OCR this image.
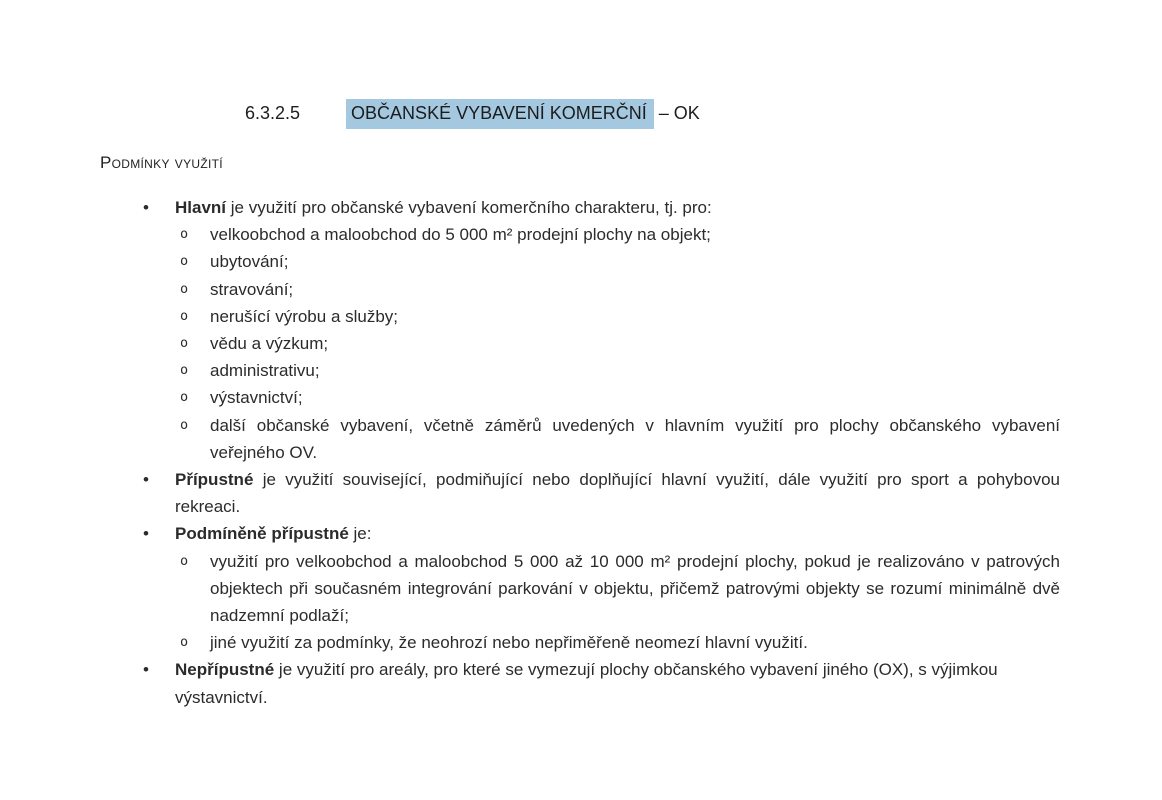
6.3.2.5	OBČANSKÉ VYBAVENÍ KOMERČNÍ – OK
Podmínky využití
•	Hlavní je využití pro občanské vybavení komerčního charakteru, tj. pro:
o	velkoobchod a maloobchod do 5 000 m² prodejní plochy na objekt;
o	ubytování;
o	stravování;
o	nerušící výrobu a služby;
o	vědu a výzkum;
o	administrativu;
o	výstavnictví;
o	další občanské vybavení, včetně záměrů uvedených v hlavním využití pro plochy občanského vybavení veřejného OV.
•	Přípustné je využití související, podmiňující nebo doplňující hlavní využití, dále využití pro sport a pohybovou rekreaci.
•	Podmíněně přípustné je:
o	využití pro velkoobchod a maloobchod 5 000 až 10 000 m² prodejní plochy, pokud je realizováno v patrových objektech při současném integrování parkování v objektu, přičemž patrovými objekty se rozumí minimálně dvě nadzemní podlaží;
o	jiné využití za podmínky, že neohrozí nebo nepřiměřeně neomezí hlavní využití.
•	Nepřípustné je využití pro areály, pro které se vymezují plochy občanského vybavení jiného (OX), s výjimkou výstavnictví.
